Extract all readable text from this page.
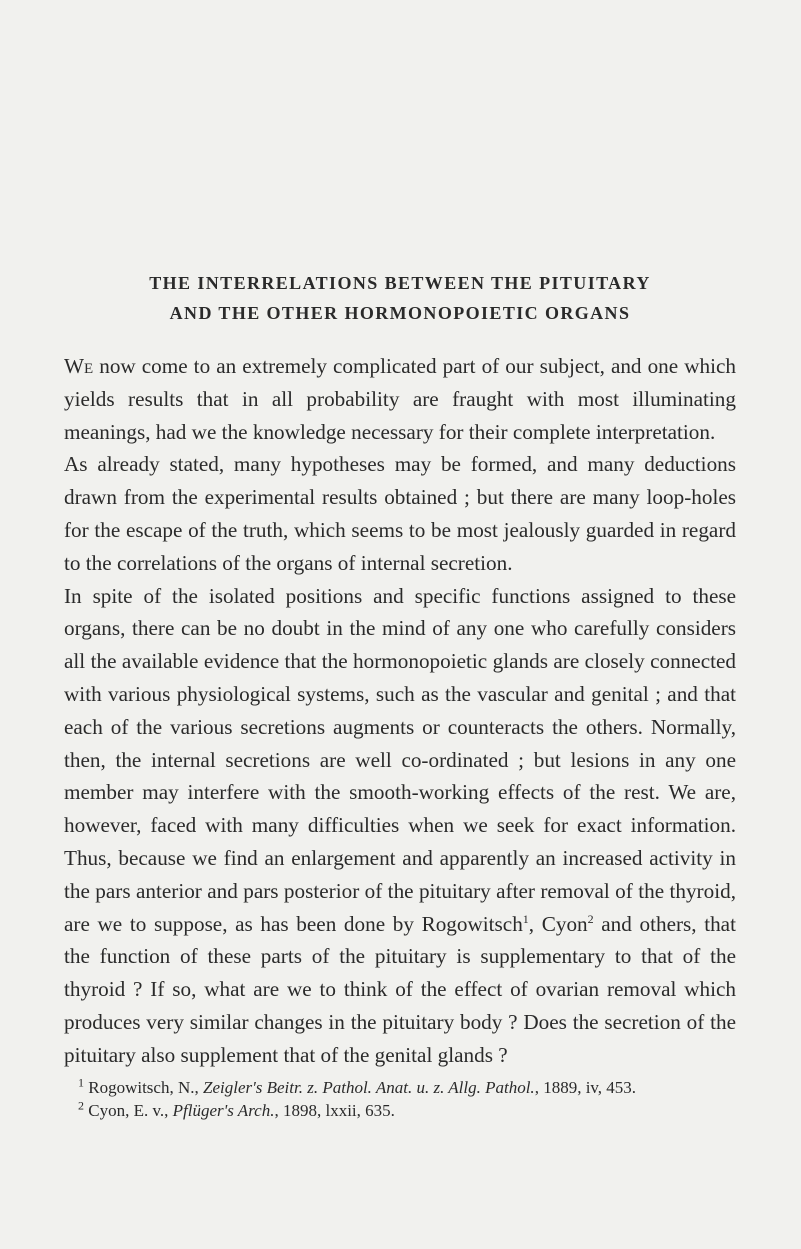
THE INTERRELATIONS BETWEEN THE PITUITARY
AND THE OTHER HORMONOPOIETIC ORGANS

We now come to an extremely complicated part of our subject, and one which yields results that in all probability are fraught with most illuminating meanings, had we the knowledge necessary for their complete interpretation.

As already stated, many hypotheses may be formed, and many deductions drawn from the experimental results obtained ; but there are many loop-holes for the escape of the truth, which seems to be most jealously guarded in regard to the correlations of the organs of internal secretion.

In spite of the isolated positions and specific functions assigned to these organs, there can be no doubt in the mind of any one who carefully considers all the available evidence that the hormonopoietic glands are closely connected with various physiological systems, such as the vascular and genital ; and that each of the various secretions augments or counteracts the others. Normally, then, the internal secretions are well co-ordinated ; but lesions in any one member may interfere with the smooth-working effects of the rest. We are, however, faced with many difficulties when we seek for exact information. Thus, because we find an enlargement and apparently an increased activity in the pars anterior and pars posterior of the pituitary after removal of the thyroid, are we to suppose, as has been done by Rogowitsch$^1$, Cyon$^2$ and others, that the function of these parts of the pituitary is supplementary to that of the thyroid ? If so, what are we to think of the effect of ovarian removal which produces very similar changes in the pituitary body ? Does the secretion of the pituitary also supplement that of the genital glands ?

$^1$ Rogowitsch, N., Zeigler's Beitr. z. Pathol. Anat. u. z. Allg. Pathol., 1889, iv, 453.
$^2$ Cyon, E. v., Pflüger's Arch., 1898, lxxii, 635.
